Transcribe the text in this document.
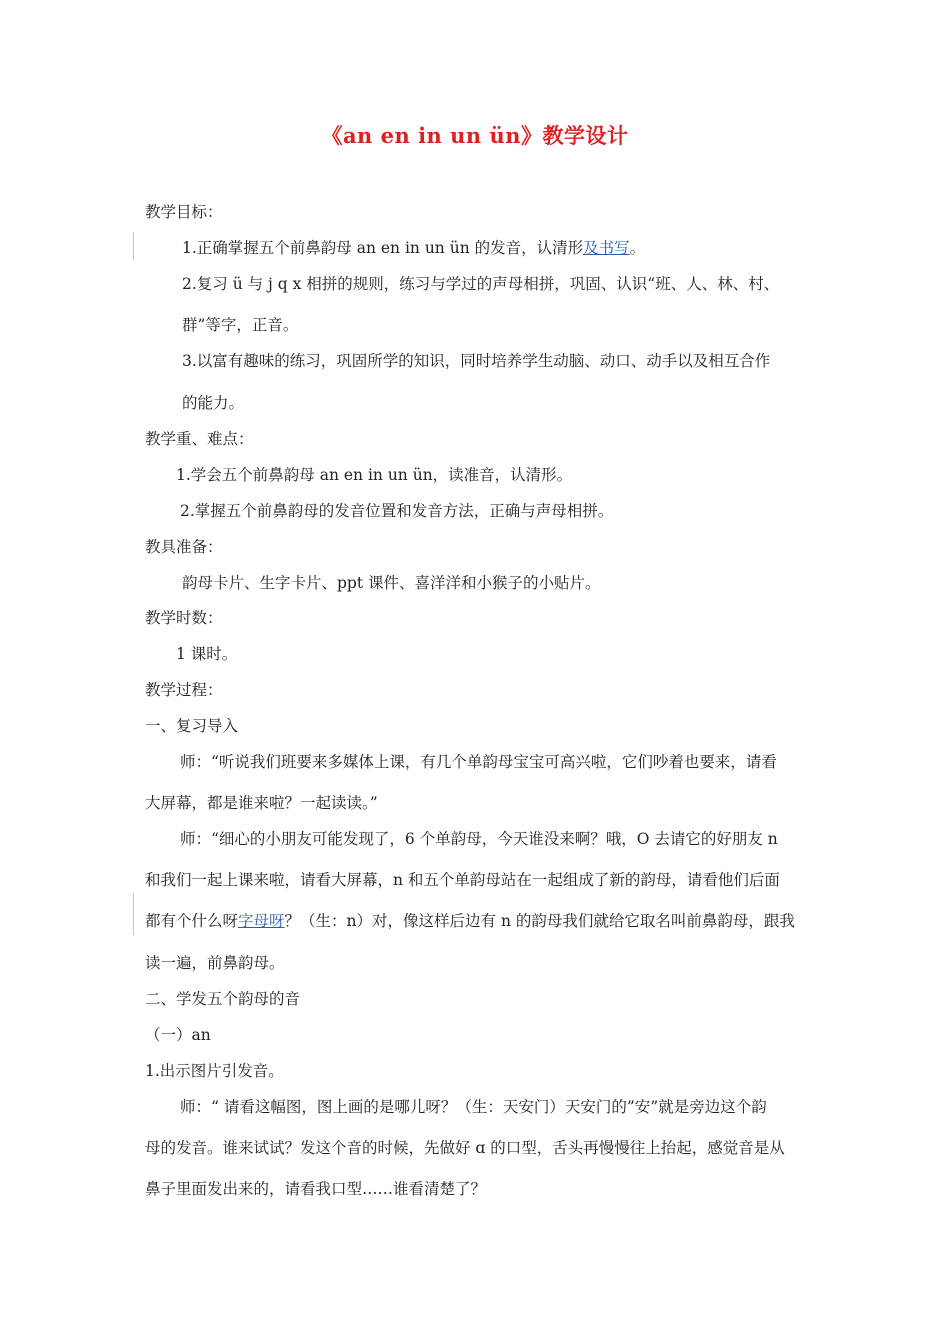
《an en in un ün》教学设计
教学目标：
1.正确掌握五个前鼻韵母 an en in un ün 的发音，认清形及书写。
2.复习 ü 与 j q x 相拼的规则，练习与学过的声母相拼，巩固、认识“班、人、林、村、
群”等字，正音。
3.以富有趣味的练习，巩固所学的知识，同时培养学生动脑、动口、动手以及相互合作
的能力。
教学重、难点：
1.学会五个前鼻韵母 an en in un ün，读准音，认清形。
2.掌握五个前鼻韵母的发音位置和发音方法，正确与声母相拼。
教具准备：
韵母卡片、生字卡片、ppt 课件、喜洋洋和小猴子的小贴片。
教学时数：
1 课时。
教学过程：
一、复习导入
师：“听说我们班要来多媒体上课，有几个单韵母宝宝可高兴啦，它们吵着也要来，请看
大屏幕，都是谁来啦？一起读读。”
师：“细心的小朋友可能发现了，6 个单韵母，今天谁没来啊？哦，O 去请它的好朋友 n
和我们一起上课来啦，请看大屏幕，n 和五个单韵母站在一起组成了新的韵母，请看他们后面
都有个什么呀字母呀？（生：n）对，像这样后边有 n 的韵母我们就给它取名叫前鼻韵母，跟我
读一遍，前鼻韵母。
二、学发五个韵母的音
（一）an
1.出示图片引发音。
师：“ 请看这幅图，图上画的是哪儿呀？（生：天安门）天安门的”安”就是旁边这个韵
母的发音。谁来试试？发这个音的时候，先做好 ɑ 的口型，舌头再慢慢往上抬起，感觉音是从
鼻子里面发出来的，请看我口型……谁看清楚了？
